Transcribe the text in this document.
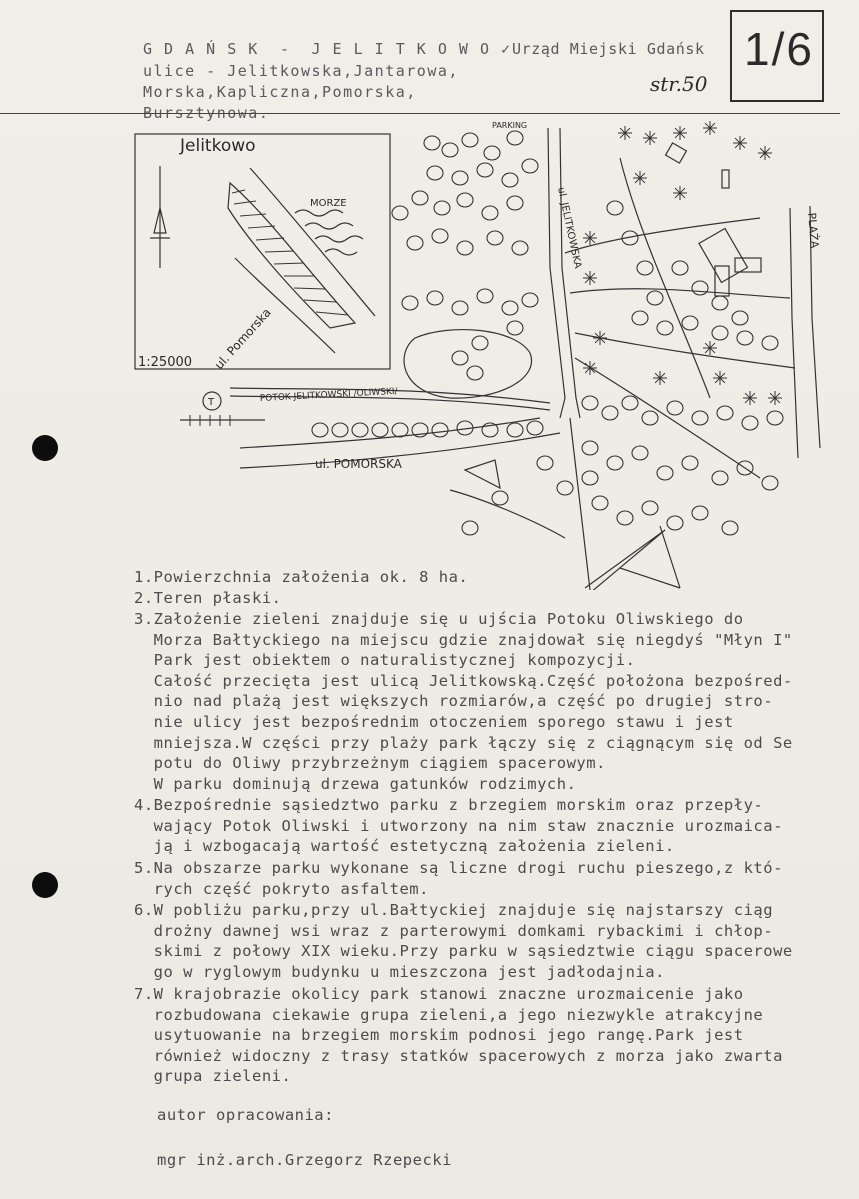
G D A Ń S K  -  J E L I T K O W O ✓
ulice - Jelitkowska,Jantarowa,
Morska,Kapliczna,Pomorska,
Bursztynowa.
Urząd Miejski Gdańsk 1/6
str.50
Jelitkowo
MORZE
ul. Pomorska
1:25000
PARKING
ul. JELITKOWSKA	PLAŻA
POTOK JELITKOWSKI /OLIWSKI/
ul. POMORSKA
T
1.Powierzchnia założenia ok. 8 ha.
2.Teren płaski.
3.Założenie zieleni znajduje się u ujścia Potoku Oliwskiego do
Morza Bałtyckiego na miejscu gdzie znajdował się niegdyś "Młyn I"
Park jest obiektem o naturalistycznej kompozycji.
Całość przecięta jest ulicą Jelitkowską.Część położona bezpośred-
nio nad plażą jest większych rozmiarów,a część po drugiej stro-
nie ulicy jest bezpośrednim otoczeniem sporego stawu i jest
mniejsza.W części przy plaży park łączy się z ciągnącym się od Se
potu do Oliwy przybrzeżnym ciągiem spacerowym.
W parku dominują drzewa gatunków rodzimych.
4.Bezpośrednie sąsiedztwo parku z brzegiem morskim oraz przepły-
wający Potok Oliwski i utworzony na nim staw znacznie urozmaica-
ją i wzbogacają wartość estetyczną założenia zieleni.
5.Na obszarze parku wykonane są liczne drogi ruchu pieszego,z któ-
rych część pokryto asfaltem.
6.W pobliżu parku,przy ul.Bałtyckiej znajduje się najstarszy ciąg
drożny dawnej wsi wraz z parterowymi domkami rybackimi i chłop-
skimi z połowy XIX wieku.Przy parku w sąsiedztwie ciągu spacerowe
go w ryglowym budynku u mieszczona jest jadłodajnia.
7.W krajobrazie okolicy park stanowi znaczne urozmaicenie jako
rozbudowana ciekawie grupa zieleni,a jego niezwykle atrakcyjne
usytuowanie na brzegiem morskim podnosi jego rangę.Park jest
również widoczny z trasy statków spacerowych z morza jako zwarta
grupa zieleni.
autor opracowania:
mgr inż.arch.Grzegorz Rzepecki
